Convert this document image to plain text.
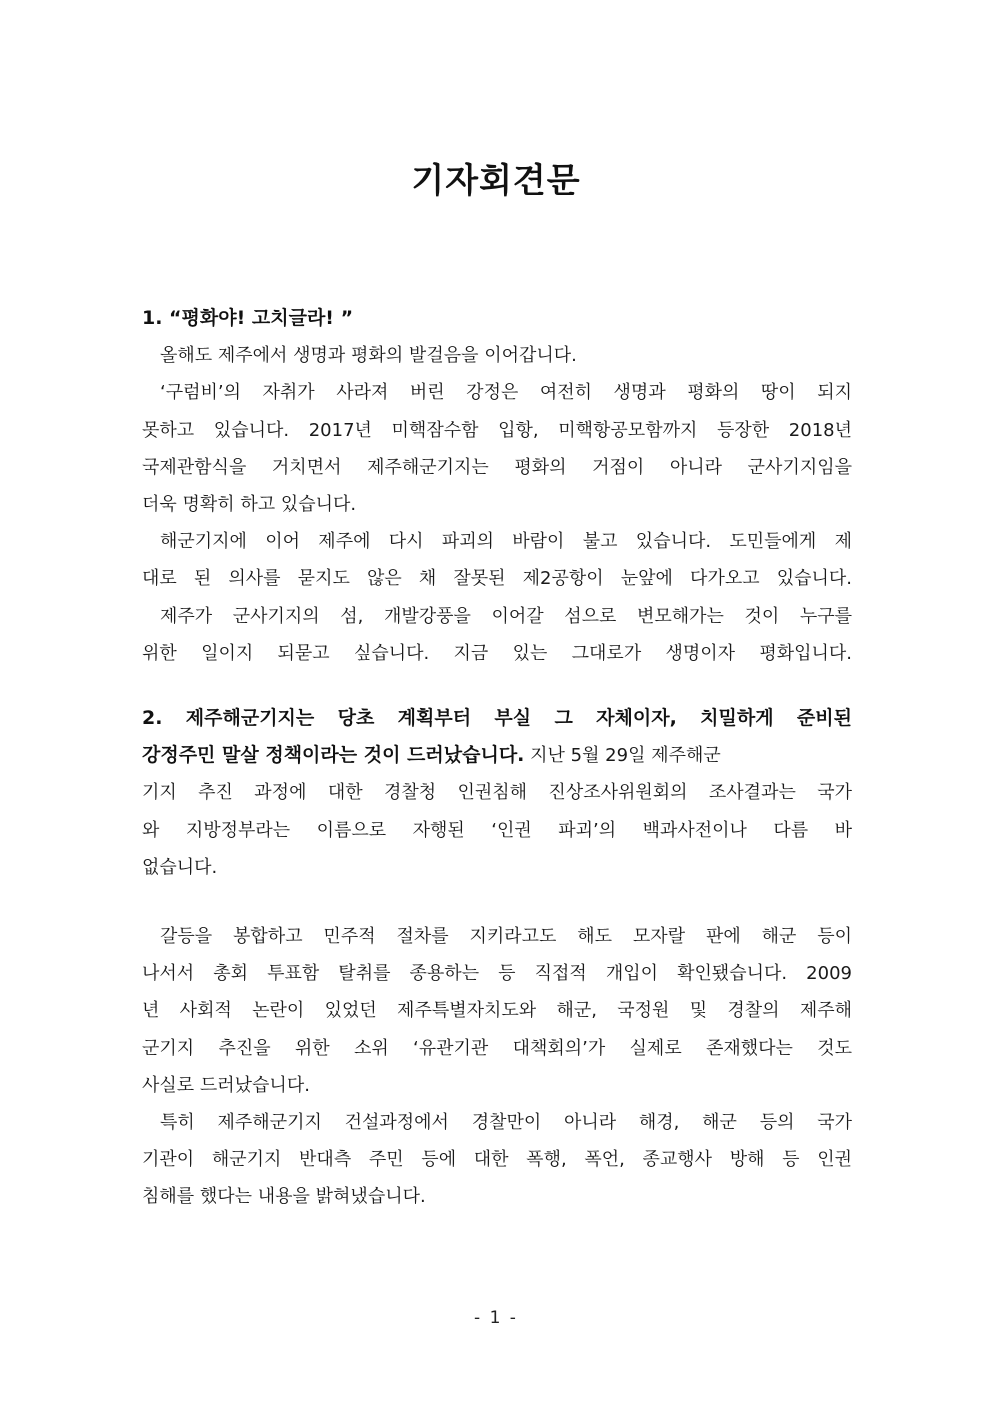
기자회견문
1. “평화야! 고치글라! ”
올해도 제주에서 생명과 평화의 발걸음을 이어갑니다.
‘구럼비’의 자취가 사라져 버린 강정은 여전히 생명과 평화의 땅이 되지
못하고 있습니다. 2017년 미핵잠수함 입항, 미핵항공모함까지 등장한 2018년
국제관함식을 거치면서 제주해군기지는 평화의 거점이 아니라 군사기지임을
더욱 명확히 하고 있습니다.
해군기지에 이어 제주에 다시 파괴의 바람이 불고 있습니다. 도민들에게 제
대로 된 의사를 묻지도 않은 채 잘못된 제2공항이 눈앞에 다가오고 있습니다.
제주가 군사기지의 섬, 개발강풍을 이어갈 섬으로 변모해가는 것이 누구를
위한 일이지 되묻고 싶습니다. 지금 있는 그대로가 생명이자 평화입니다.
2. 제주해군기지는 당초 계획부터 부실 그 자체이자, 치밀하게 준비된
강정주민 말살 정책이라는 것이 드러났습니다. 지난 5월 29일 제주해군
기지 추진 과정에 대한 경찰청 인권침해 진상조사위원회의 조사결과는 국가
와 지방정부라는 이름으로 자행된 ‘인권 파괴’의 백과사전이나 다름 바
없습니다.
갈등을 봉합하고 민주적 절차를 지키라고도 해도 모자랄 판에 해군 등이
나서서 총회 투표함 탈취를 종용하는 등 직접적 개입이 확인됐습니다. 2009
년 사회적 논란이 있었던 제주특별자치도와 해군, 국정원 및 경찰의 제주해
군기지 추진을 위한 소위 ‘유관기관 대책회의’가 실제로 존재했다는 것도
사실로 드러났습니다.
특히 제주해군기지 건설과정에서 경찰만이 아니라 해경, 해군 등의 국가
기관이 해군기지 반대측 주민 등에 대한 폭행, 폭언, 종교행사 방해 등 인권
침해를 했다는 내용을 밝혀냈습니다.
- 1 -
